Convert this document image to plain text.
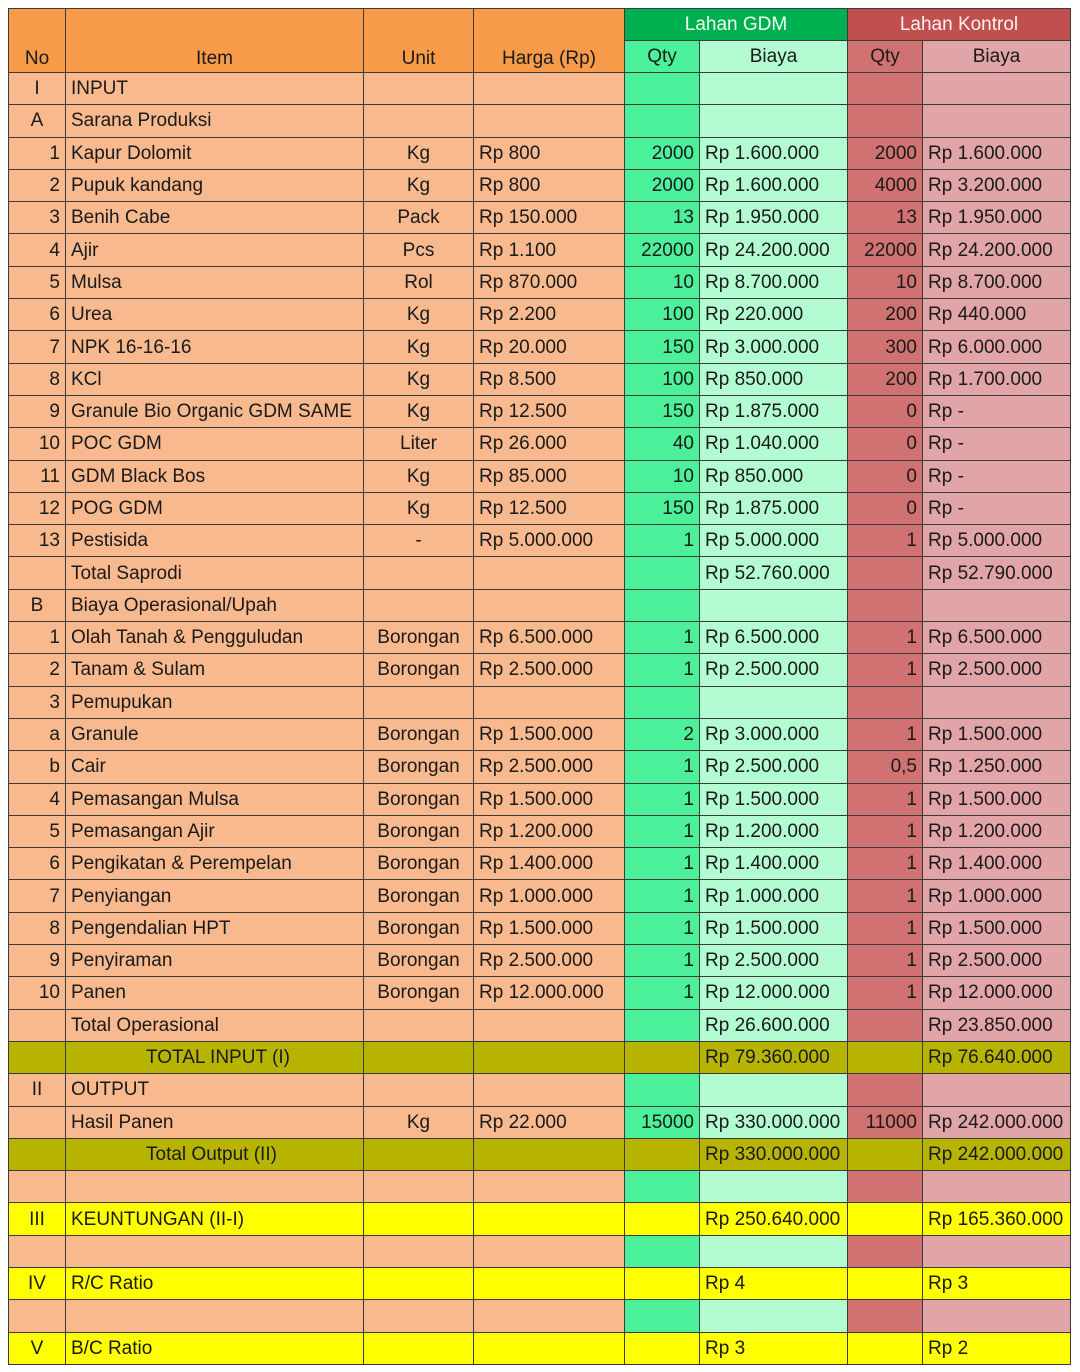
No	Item	Unit	Harga (Rp)	Lahan GDM		Lahan Kontrol	
				Qty	Biaya	Qty	Biaya
I	INPUT						
A	Sarana Produksi						
1	Kapur Dolomit	Kg	Rp 800	2000	Rp 1.600.000	2000	Rp 1.600.000
2	Pupuk kandang	Kg	Rp 800	2000	Rp 1.600.000	4000	Rp 3.200.000
3	Benih Cabe	Pack	Rp 150.000	13	Rp 1.950.000	13	Rp 1.950.000
4	Ajir	Pcs	Rp 1.100	22000	Rp 24.200.000	22000	Rp 24.200.000
5	Mulsa	Rol	Rp 870.000	10	Rp 8.700.000	10	Rp 8.700.000
6	Urea	Kg	Rp 2.200	100	Rp 220.000	200	Rp 440.000
7	NPK 16-16-16	Kg	Rp 20.000	150	Rp 3.000.000	300	Rp 6.000.000
8	KCl	Kg	Rp 8.500	100	Rp 850.000	200	Rp 1.700.000
9	Granule Bio Organic GDM SAME	Kg	Rp 12.500	150	Rp 1.875.000	0	Rp -
10	POC GDM	Liter	Rp 26.000	40	Rp 1.040.000	0	Rp -
11	GDM Black Bos	Kg	Rp 85.000	10	Rp 850.000	0	Rp -
12	POG GDM	Kg	Rp 12.500	150	Rp 1.875.000	0	Rp -
13	Pestisida	-	Rp 5.000.000	1	Rp 5.000.000	1	Rp 5.000.000
	Total Saprodi				Rp 52.760.000		Rp 52.790.000
B	Biaya Operasional/Upah						
1	Olah Tanah & Pengguludan	Borongan	Rp 6.500.000	1	Rp 6.500.000	1	Rp 6.500.000
2	Tanam & Sulam	Borongan	Rp 2.500.000	1	Rp 2.500.000	1	Rp 2.500.000
3	Pemupukan						
a	Granule	Borongan	Rp 1.500.000	2	Rp 3.000.000	1	Rp 1.500.000
b	Cair	Borongan	Rp 2.500.000	1	Rp 2.500.000	0,5	Rp 1.250.000
4	Pemasangan Mulsa	Borongan	Rp 1.500.000	1	Rp 1.500.000	1	Rp 1.500.000
5	Pemasangan Ajir	Borongan	Rp 1.200.000	1	Rp 1.200.000	1	Rp 1.200.000
6	Pengikatan & Perempelan	Borongan	Rp 1.400.000	1	Rp 1.400.000	1	Rp 1.400.000
7	Penyiangan	Borongan	Rp 1.000.000	1	Rp 1.000.000	1	Rp 1.000.000
8	Pengendalian HPT	Borongan	Rp 1.500.000	1	Rp 1.500.000	1	Rp 1.500.000
9	Penyiraman	Borongan	Rp 2.500.000	1	Rp 2.500.000	1	Rp 2.500.000
10	Panen	Borongan	Rp 12.000.000	1	Rp 12.000.000	1	Rp 12.000.000
	Total Operasional				Rp 26.600.000		Rp 23.850.000
	TOTAL INPUT (I)				Rp 79.360.000		Rp 76.640.000
II	OUTPUT						
	Hasil Panen	Kg	Rp 22.000	15000	Rp 330.000.000	11000	Rp 242.000.000
	Total Output (II)				Rp 330.000.000		Rp 242.000.000

III	KEUNTUNGAN (II-I)				Rp 250.640.000		Rp 165.360.000

IV	R/C Ratio				Rp 4		Rp 3

V	B/C Ratio				Rp 3		Rp 2
